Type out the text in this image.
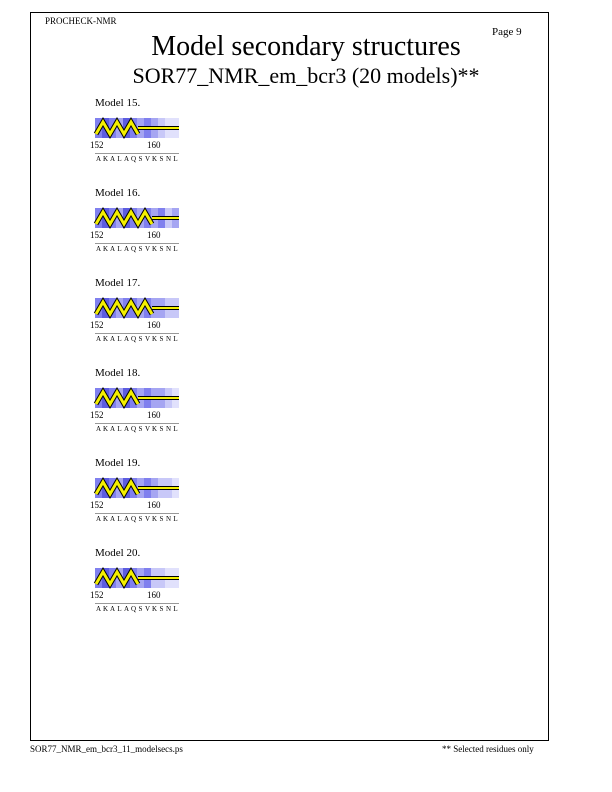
PROCHECK-NMR
Page 9
Model secondary structures
SOR77_NMR_em_bcr3 (20 models)**
Model 15.
152	160
A K A L A Q S V K S N L
Model 16.
152	160
A K A L A Q S V K S N L
Model 17.
152	160
A K A L A Q S V K S N L
Model 18.
152	160
A K A L A Q S V K S N L
Model 19.
152	160
A K A L A Q S V K S N L
Model 20.
152	160
A K A L A Q S V K S N L
SOR77_NMR_em_bcr3_11_modelsecs.ps	** Selected residues only
